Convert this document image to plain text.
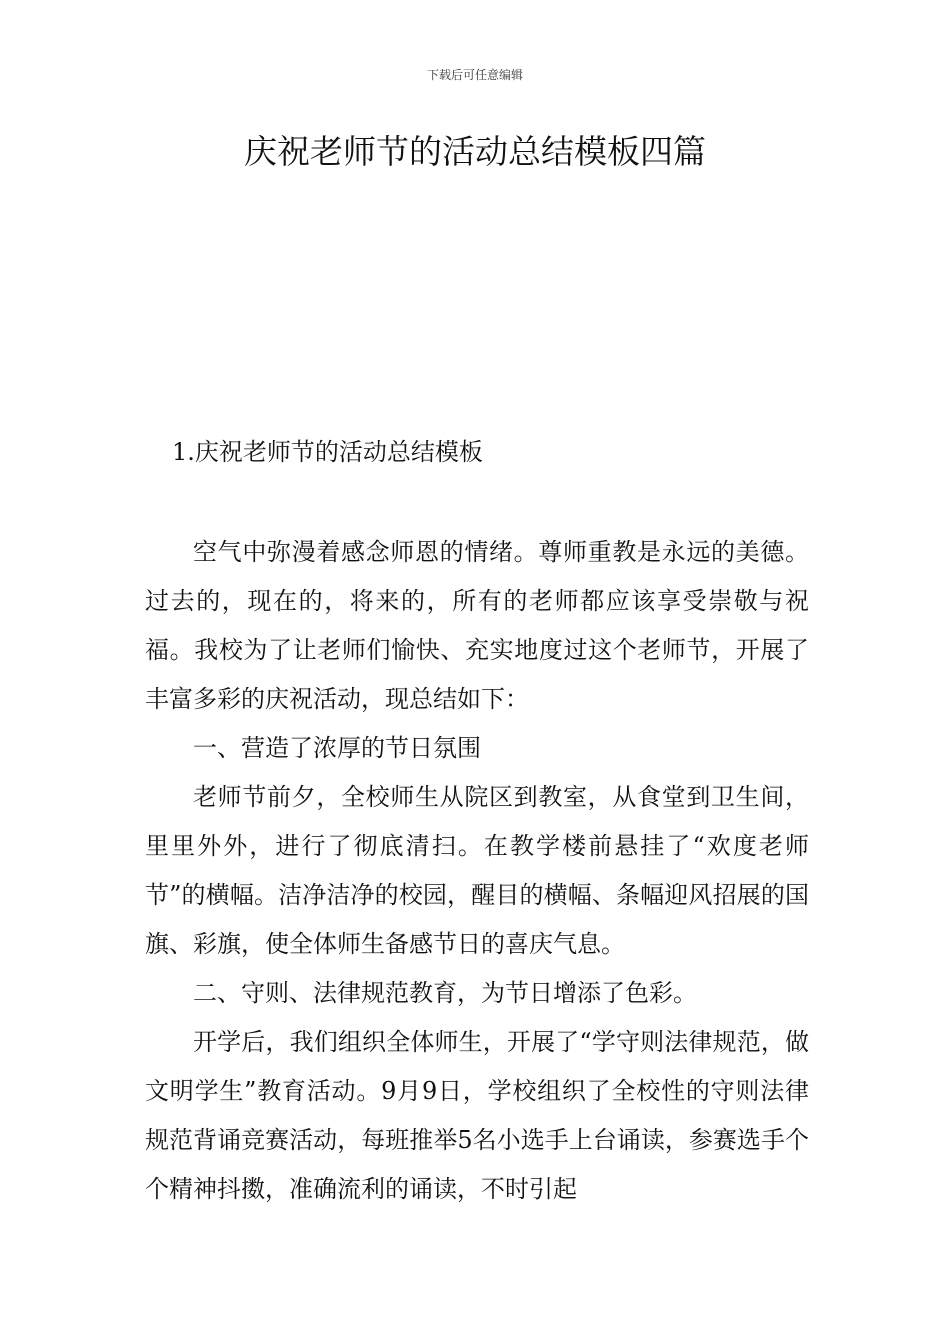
下载后可任意编辑
庆祝老师节的活动总结模板四篇
1.庆祝老师节的活动总结模板

空气中弥漫着感念师恩的情绪。尊师重教是永远的美德。过去的，现在的，将来的，所有的老师都应该享受崇敬与祝福。我校为了让老师们愉快、充实地度过这个老师节，开展了丰富多彩的庆祝活动，现总结如下：

一、营造了浓厚的节日氛围

老师节前夕，全校师生从院区到教室，从食堂到卫生间，里里外外，进行了彻底清扫。在教学楼前悬挂了“欢度老师节”的横幅。洁净洁净的校园，醒目的横幅、条幅迎风招展的国旗、彩旗，使全体师生备感节日的喜庆气息。

二、守则、法律规范教育，为节日增添了色彩。

开学后，我们组织全体师生，开展了“学守则法律规范，做文明学生”教育活动。9月9日，学校组织了全校性的守则法律规范背诵竞赛活动，每班推举5名小选手上台诵读，参赛选手个个精神抖擞，准确流利的诵读，不时引起
